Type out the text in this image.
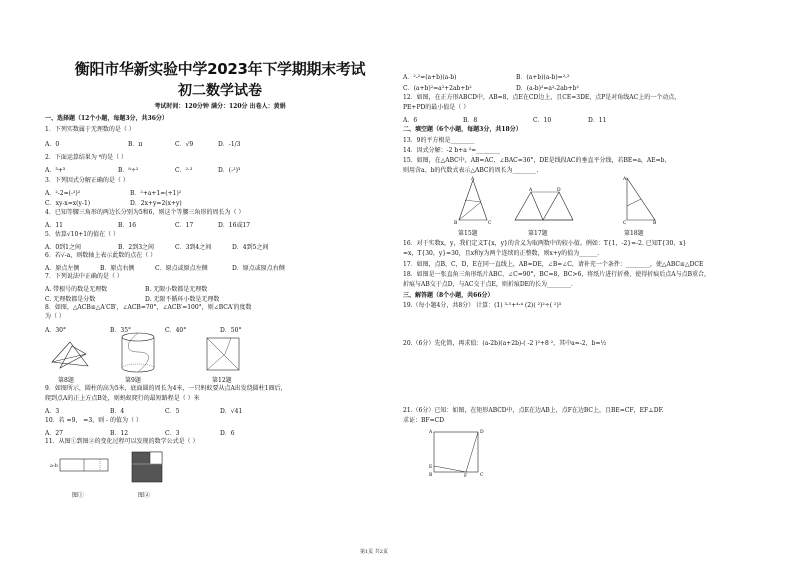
衡阳市华新实验中学2023年下学期期末考试
初二数学试卷
考试时间：120分钟 满分：120分 出卷人：黄娟
一、选择题（12个小题，每题3分，共36分）
1．下列实数属于无理数的是（ ）
A．0	B．π	C．√9	D．-1/3
2．下面运算结果为 ⁶的是（ ）
A．³+³	B．⁸÷²	C．²·³	D．(-²)³
3．下列因式分解正确的是（ ）
A．²-2=(-²)²	B．²+a+1=(+1)²
C．xy-x=x(y-1)	D．2x+y=2(x+y)
4．已知等腰三角形的两边长分别为5和6，则这个等腰三角形的周长为（ ）
A．11	B．16	C．17	D．16或17
5．估算√10+1的值在（ ）
A．0到1之间	B．2到3之间	C．3到4之间	D．4到5之间
6．若√-a，则数轴上表示此数的点在（ ）
A．原点左侧	B．原点右侧	C．原点或原点左侧	D．原点或原点右侧
7．下列说法中正确的是（ ）
A. 带根号的数是无理数	B. 无限小数都是无理数
C. 无理数都是分数	D. 无限不循环小数是无理数
8．如图，△ACB≌△A′CB′，∠ACB=70°，∠ACB′=100°，则∠BCA′的度数
为（ ）
A．30°	B．35°	C．40°	D．50°
第8题	第9题	第12题
9．如图所示，圆柱的高为5米，底面圆的周长为4米，一只蚂蚁要从点A出发绕圆柱1圈后，
爬到点A的正上方点B处，则蚂蚁爬行的最短路程是（ ）米
A．3	B．4	C．5	D．√41
10．若 =9， =3，则 - 的值为（ ）
A．27	B．12	C．3	D．6
11．从图①到图②的变化过程可以发现的数学公式是（ ）
a-b
图①	图②
A．²-²=(a+b)(a-b)	B．(a+b)(a-b)=²-²
C．(a+b)²=a²+2ab+b²	D．(a-b)²=a²-2ab+b²
12．如图，在正方形ABCD中，AB=8，点E在CD边上，且CE=3DE，点P是对角线AC上的一个动点，
PE+PD的最小值是（ ）
A．6	B．8	C．10	D．11
二、填空题（6个小题，每题3分，共18分）
13．9的平方根是________
14．因式分解：-2 b+a ²=________
15．如图，在△ABC中，AB=AC，∠BAC=36°，DE是线段AC的垂直平分线，若BE=a，AE=b，
则用含a、b的代数式表示△ABC的周长为________.
A
B	C
第15题
A	D
第17题
A
C	B
第18题
16．对于实数x，y，我们定义T{x，y}的含义为取两数中的较小值。例如：T{1，-2}=-2. 已知T{30，x}
=x，T{30，y}=30，且x和y为两个连续的正整数，则x+y的值为______.
17．如图，点B，C，D，E在同一直线上，AB=DE，∠B=∠C，请补充一个条件：________，使△ABC≌△DCE
18．如图是一张直角三角形纸片ABC，∠C=90°，BC=8，BC>6，将纸片进行折叠，使得折痕后点A与点B重合，
折痕与AB交于点D，与AC交于点E，则折痕DE的长为________.
三、解答题（8个小题，共66分）
19.（每小题4分，共8分） 计算：(1) ³·⁵+⁴·⁴ (2)( ²)²÷( ²)³
20.（6分）先化简，再求值：(a-2b)(a+2b)-( -2 )²+8 ²，其中a=-2，b=½
21.（6分）已知：如图，在矩形ABCD中，点E在边AB上，点F在边BC上，且BE=CF，EF⊥DF.
求证：BF=CD
A	D
E
B	F	C
第1页 共2页
